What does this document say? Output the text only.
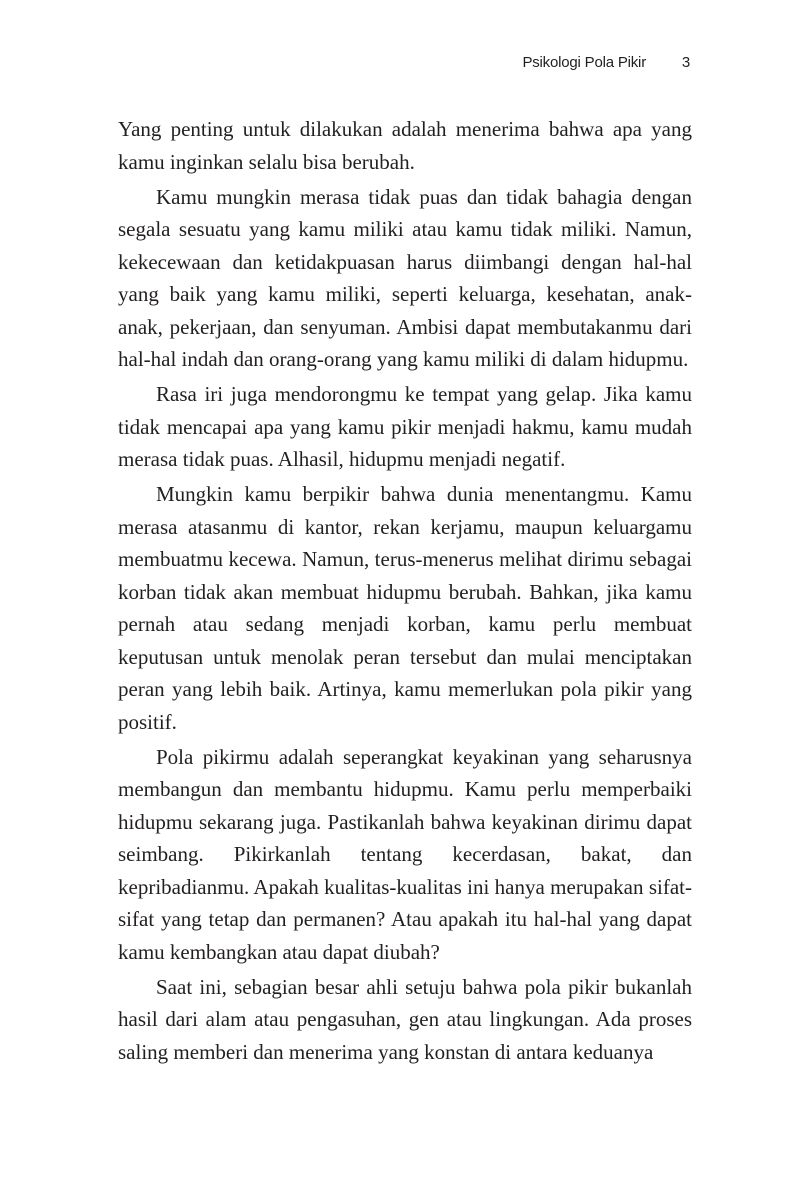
Psikologi Pola Pikir 3

Yang penting untuk dilakukan adalah menerima bahwa apa yang kamu inginkan selalu bisa berubah.

Kamu mungkin merasa tidak puas dan tidak bahagia dengan segala sesuatu yang kamu miliki atau kamu tidak miliki. Namun, kekecewaan dan ketidakpuasan harus diimbangi dengan hal-hal yang baik yang kamu miliki, seperti keluarga, kesehatan, anak-anak, pekerjaan, dan senyuman. Ambisi dapat membutakanmu dari hal-hal indah dan orang-orang yang kamu miliki di dalam hidupmu.

Rasa iri juga mendorongmu ke tempat yang gelap. Jika kamu tidak mencapai apa yang kamu pikir menjadi hakmu, kamu mudah merasa tidak puas. Alhasil, hidupmu menjadi negatif.

Mungkin kamu berpikir bahwa dunia menentangmu. Kamu merasa atasanmu di kantor, rekan kerjamu, maupun keluargamu membuatmu kecewa. Namun, terus-menerus melihat dirimu sebagai korban tidak akan membuat hidupmu berubah. Bahkan, jika kamu pernah atau sedang menjadi korban, kamu perlu membuat keputusan untuk menolak peran tersebut dan mulai menciptakan peran yang lebih baik. Artinya, kamu memerlukan pola pikir yang positif.

Pola pikirmu adalah seperangkat keyakinan yang seharusnya membangun dan membantu hidupmu. Kamu perlu memperbaiki hidupmu sekarang juga. Pastikanlah bahwa keyakinan dirimu dapat seimbang. Pikirkanlah tentang kecerdasan, bakat, dan kepribadianmu. Apakah kualitas-kualitas ini hanya merupakan sifat-sifat yang tetap dan permanen? Atau apakah itu hal-hal yang dapat kamu kembangkan atau dapat diubah?

Saat ini, sebagian besar ahli setuju bahwa pola pikir bukanlah hasil dari alam atau pengasuhan, gen atau lingkungan. Ada proses saling memberi dan menerima yang konstan di antara keduanya
